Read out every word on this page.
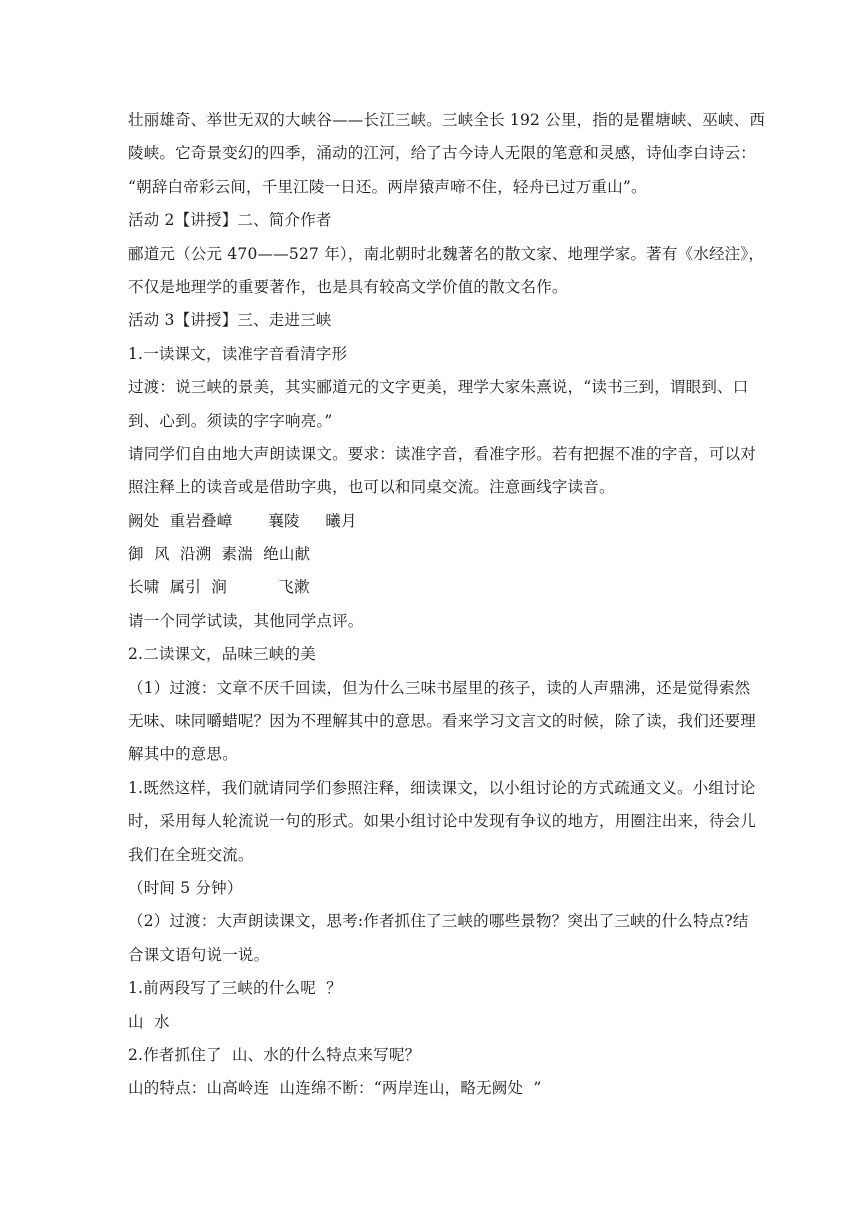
壮丽雄奇、举世无双的大峡谷——长江三峡。三峡全长 192 公里，指的是瞿塘峡、巫峡、西

陵峡。它奇景变幻的四季，涌动的江河，给了古今诗人无限的笔意和灵感，诗仙李白诗云：

“朝辞白帝彩云间，千里江陵一日还。两岸猿声啼不住，轻舟已过万重山”。

活动 2【讲授】二、简介作者

郦道元（公元 470——527 年），南北朝时北魏著名的散文家、地理学家。著有《水经注》，

不仅是地理学的重要著作，也是具有较高文学价值的散文名作。

活动 3【讲授】三、走进三峡

1.一读课文，读准字音看清字形

过渡：说三峡的景美，其实郦道元的文字更美，理学大家朱熹说，“读书三到，谓眼到、口

到、心到。须读的字字响亮。”

请同学们自由地大声朗读课文。要求：读准字音，看准字形。若有把握不准的字音，可以对

照注释上的读音或是借助字典，也可以和同桌交流。注意画线字读音。

阙处  重岩叠嶂       襄陵     曦月

御  风  沿溯  素湍  绝山献

长啸  属引  涧          飞漱

请一个同学试读，其他同学点评。

2.二读课文，品味三峡的美

（1）过渡：文章不厌千回读，但为什么三味书屋里的孩子，读的人声鼎沸，还是觉得索然

无味、味同嚼蜡呢？因为不理解其中的意思。看来学习文言文的时候，除了读，我们还要理

解其中的意思。

1.既然这样，我们就请同学们参照注释，细读课文，以小组讨论的方式疏通文义。小组讨论

时，采用每人轮流说一句的形式。如果小组讨论中发现有争议的地方，用圈注出来，待会儿

我们在全班交流。

（时间 5 分钟）

（2）过渡：大声朗读课文，思考:作者抓住了三峡的哪些景物？突出了三峡的什么特点?结

合课文语句说一说。

1.前两段写了三峡的什么呢  ？

山  水

2.作者抓住了  山、水的什么特点来写呢？

山的特点：山高岭连  山连绵不断：“两岸连山，略无阙处  ”
